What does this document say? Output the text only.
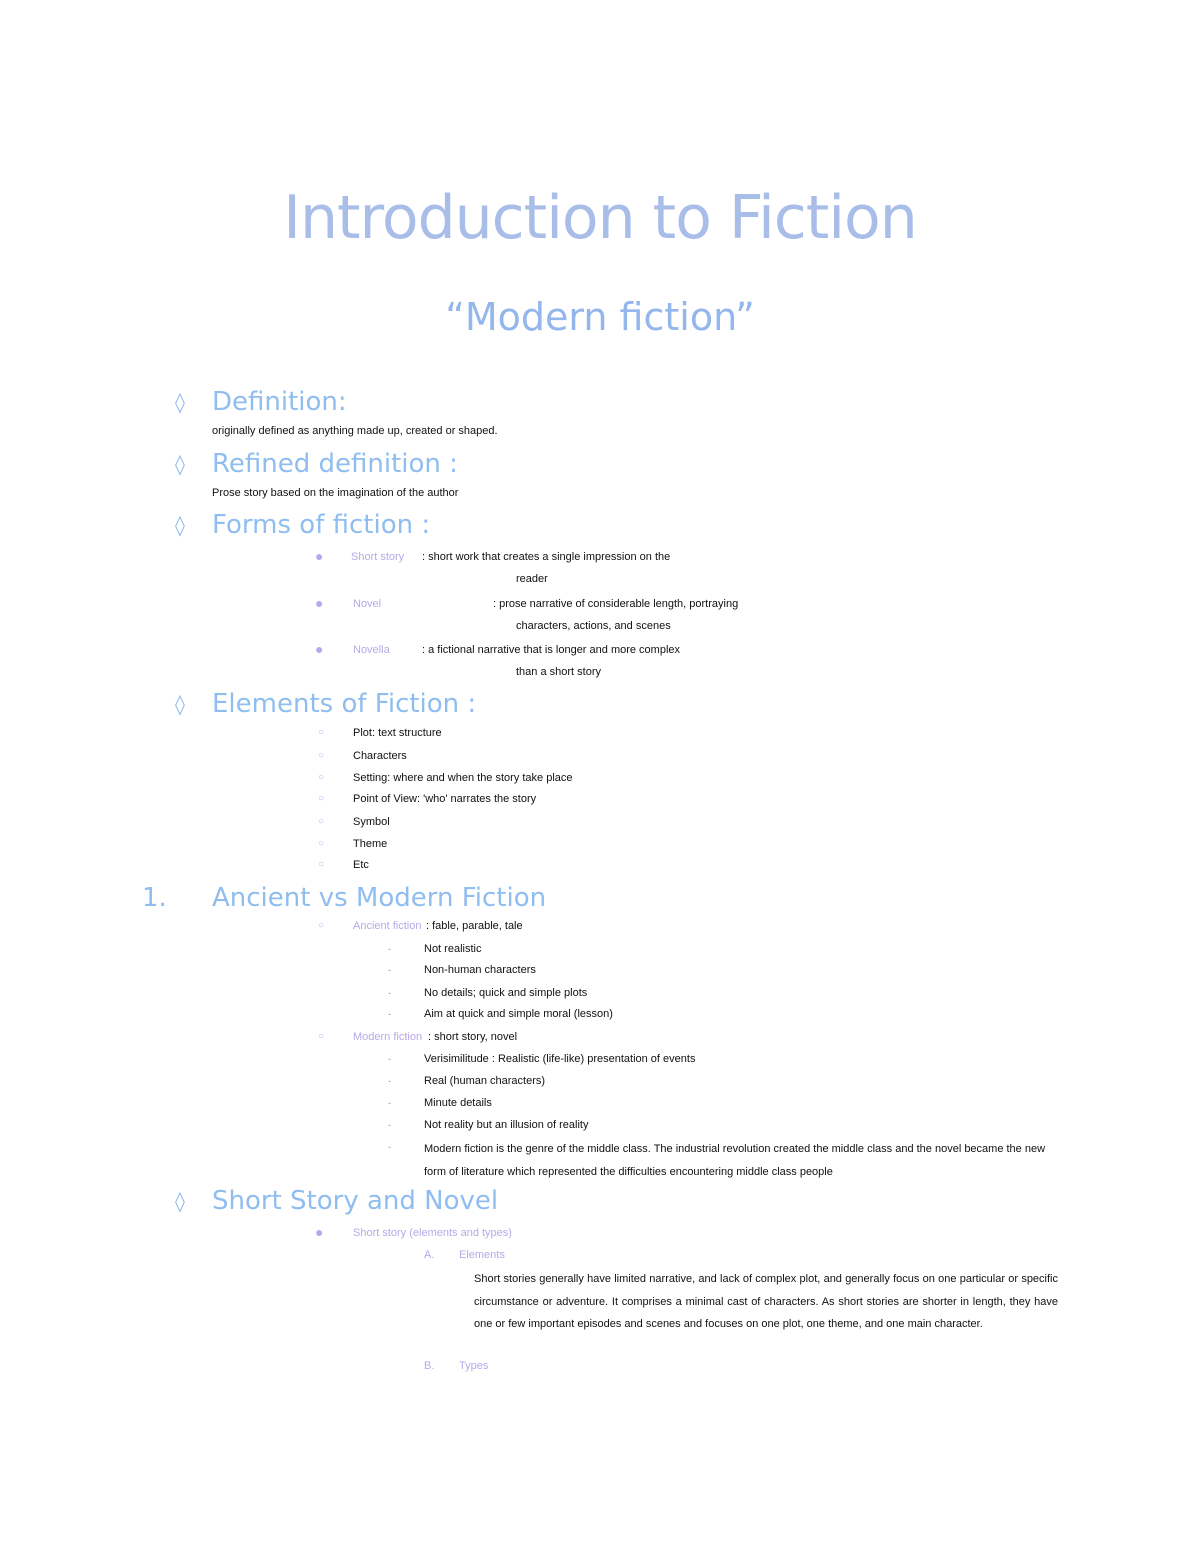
Introduction to Fiction
“Modern fiction”
◊ Definition:
originally defined as anything made up, created or shaped.
◊ Refined definition :
Prose story based on the imagination of the author
◊ Forms of fiction :
●	Short story : short work that creates a single impression on the
reader
●	Novel	: prose narrative of considerable length, portraying
characters, actions, and scenes
●	Novella	: a fictional narrative that is longer and more complex
than a short story
◊ Elements of Fiction :
○	Plot: text structure
○	Characters
○	Setting: where and when the story take place
○	Point of View: 'who' narrates the story
○	Symbol
○	Theme
○	Etc
1. Ancient vs Modern Fiction
○	Ancient fiction : fable, parable, tale
-	Not realistic
-	Non-human characters
-	No details; quick and simple plots
-	Aim at quick and simple moral (lesson)
○	Modern fiction : short story, novel
-	Verisimilitude : Realistic (life-like) presentation of events
-	Real (human characters)
-	Minute details
-	Not reality but an illusion of reality
-	Modern fiction is the genre of the middle class. The industrial revolution created the middle class and the novel became the new form of literature which represented the difficulties encountering middle class people
◊ Short Story and Novel
●	Short story (elements and types)
A. Elements
Short stories generally have limited narrative, and lack of complex plot, and generally focus on one particular or specific circumstance or adventure. It comprises a minimal cast of characters. As short stories are shorter in length, they have one or few important episodes and scenes and focuses on one plot, one theme, and one main character.
B. Types
